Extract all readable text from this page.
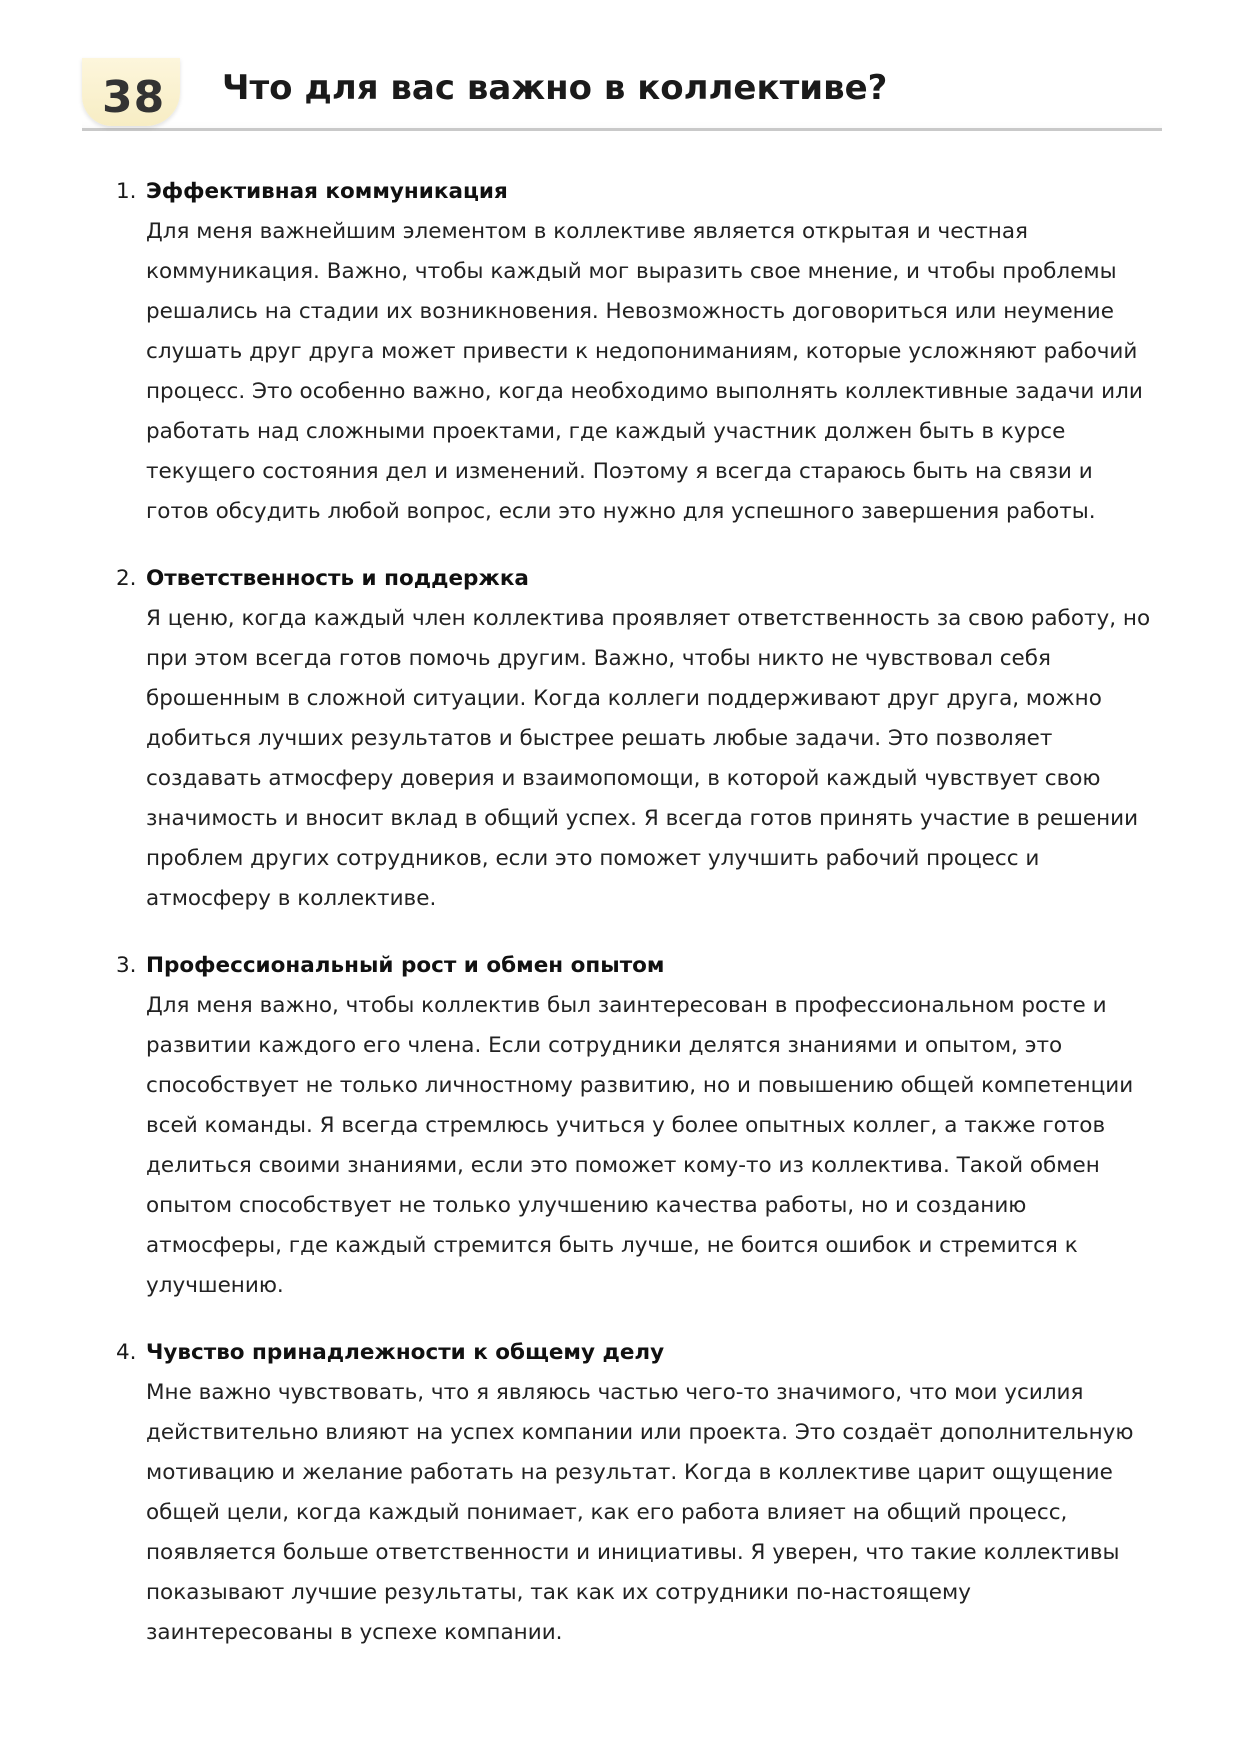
38 Что для вас важно в коллективе?
1. Эффективная коммуникация
Для меня важнейшим элементом в коллективе является открытая и честная
коммуникация. Важно, чтобы каждый мог выразить свое мнение, и чтобы проблемы
решались на стадии их возникновения. Невозможность договориться или неумение
слушать друг друга может привести к недопониманиям, которые усложняют рабочий
процесс. Это особенно важно, когда необходимо выполнять коллективные задачи или
работать над сложными проектами, где каждый участник должен быть в курсе
текущего состояния дел и изменений. Поэтому я всегда стараюсь быть на связи и
готов обсудить любой вопрос, если это нужно для успешного завершения работы.
2. Ответственность и поддержка
Я ценю, когда каждый член коллектива проявляет ответственность за свою работу, но
при этом всегда готов помочь другим. Важно, чтобы никто не чувствовал себя
брошенным в сложной ситуации. Когда коллеги поддерживают друг друга, можно
добиться лучших результатов и быстрее решать любые задачи. Это позволяет
создавать атмосферу доверия и взаимопомощи, в которой каждый чувствует свою
значимость и вносит вклад в общий успех. Я всегда готов принять участие в решении
проблем других сотрудников, если это поможет улучшить рабочий процесс и
атмосферу в коллективе.
3. Профессиональный рост и обмен опытом
Для меня важно, чтобы коллектив был заинтересован в профессиональном росте и
развитии каждого его члена. Если сотрудники делятся знаниями и опытом, это
способствует не только личностному развитию, но и повышению общей компетенции
всей команды. Я всегда стремлюсь учиться у более опытных коллег, а также готов
делиться своими знаниями, если это поможет кому-то из коллектива. Такой обмен
опытом способствует не только улучшению качества работы, но и созданию
атмосферы, где каждый стремится быть лучше, не боится ошибок и стремится к
улучшению.
4. Чувство принадлежности к общему делу
Мне важно чувствовать, что я являюсь частью чего-то значимого, что мои усилия
действительно влияют на успех компании или проекта. Это создаёт дополнительную
мотивацию и желание работать на результат. Когда в коллективе царит ощущение
общей цели, когда каждый понимает, как его работа влияет на общий процесс,
появляется больше ответственности и инициативы. Я уверен, что такие коллективы
показывают лучшие результаты, так как их сотрудники по-настоящему
заинтересованы в успехе компании.
